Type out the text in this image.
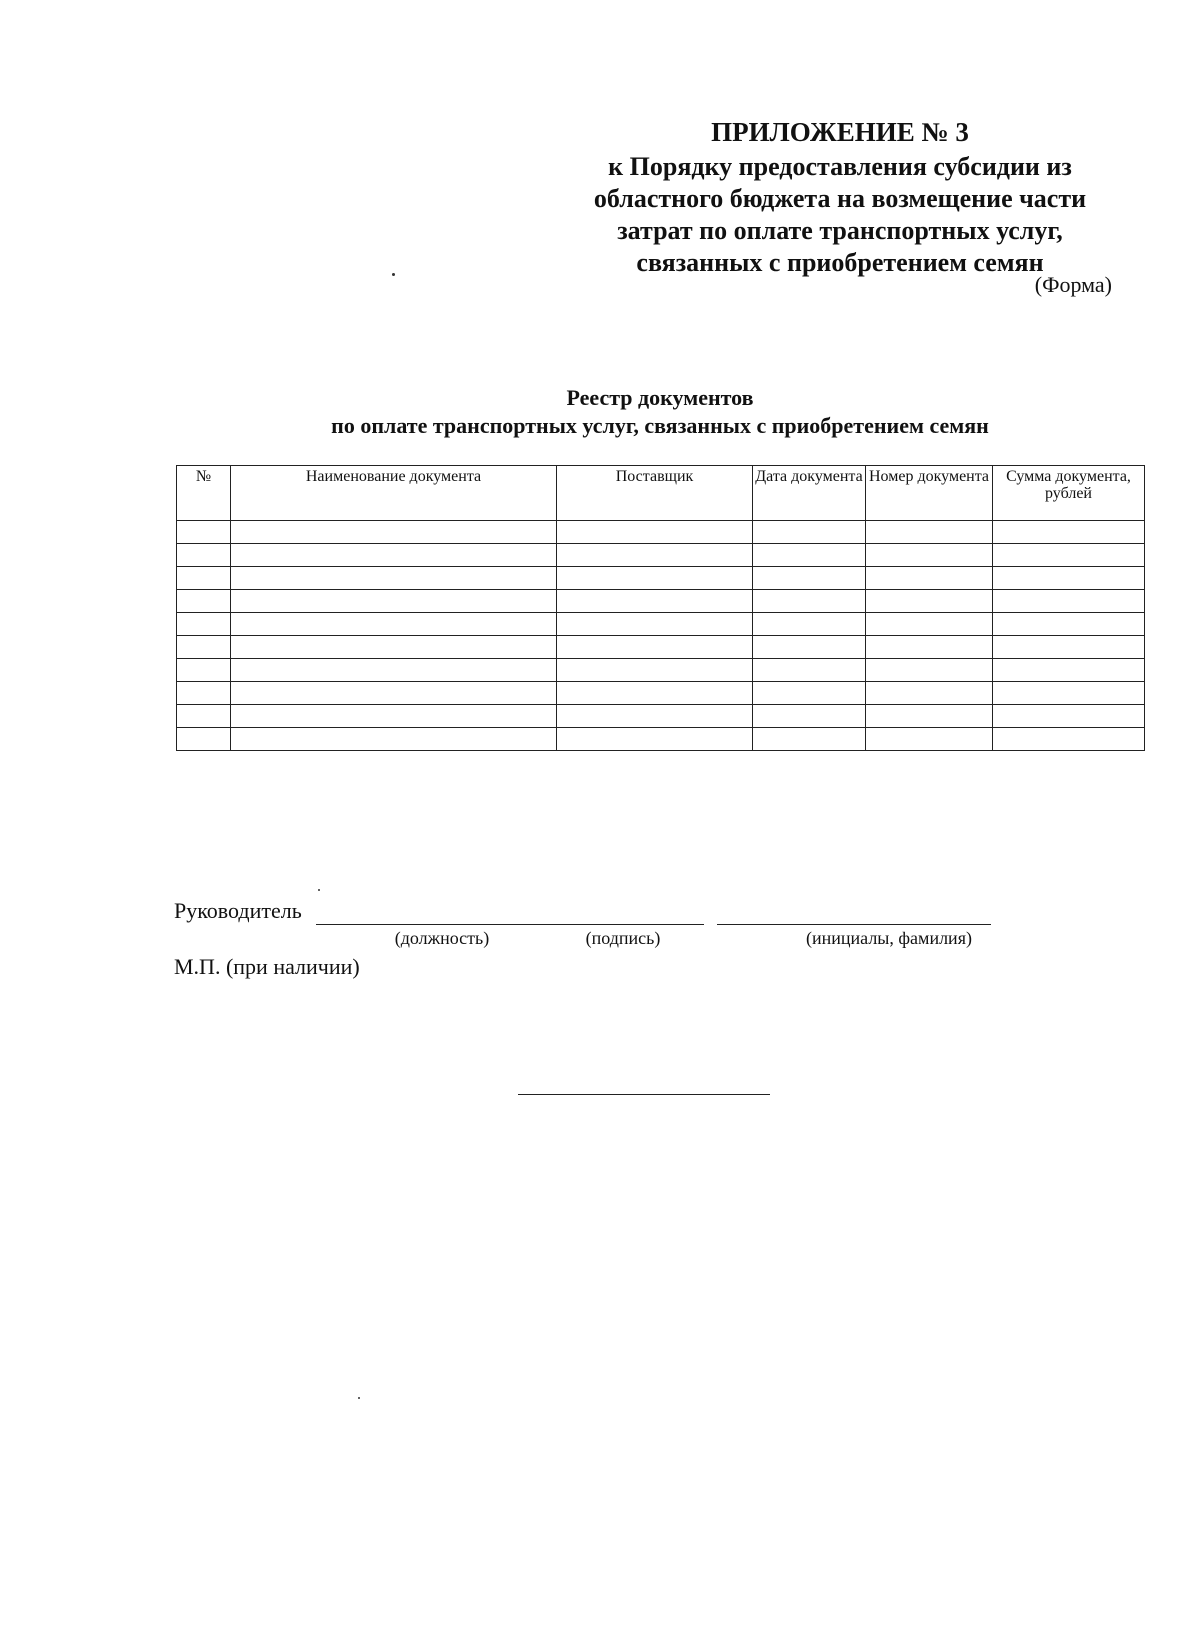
ПРИЛОЖЕНИЕ № 3
к Порядку предоставления субсидии из
областного бюджета на возмещение части
затрат по оплате транспортных услуг,
связанных с приобретением семян
(Форма)
Реестр документов
по оплате транспортных услуг, связанных с приобретением семян
№	Наименование документа	Поставщик	Дата документа	Номер документа	Сумма документа, рублей

Руководитель
(должность)	(подпись)	(инициалы, фамилия)
М.П. (при наличии)
